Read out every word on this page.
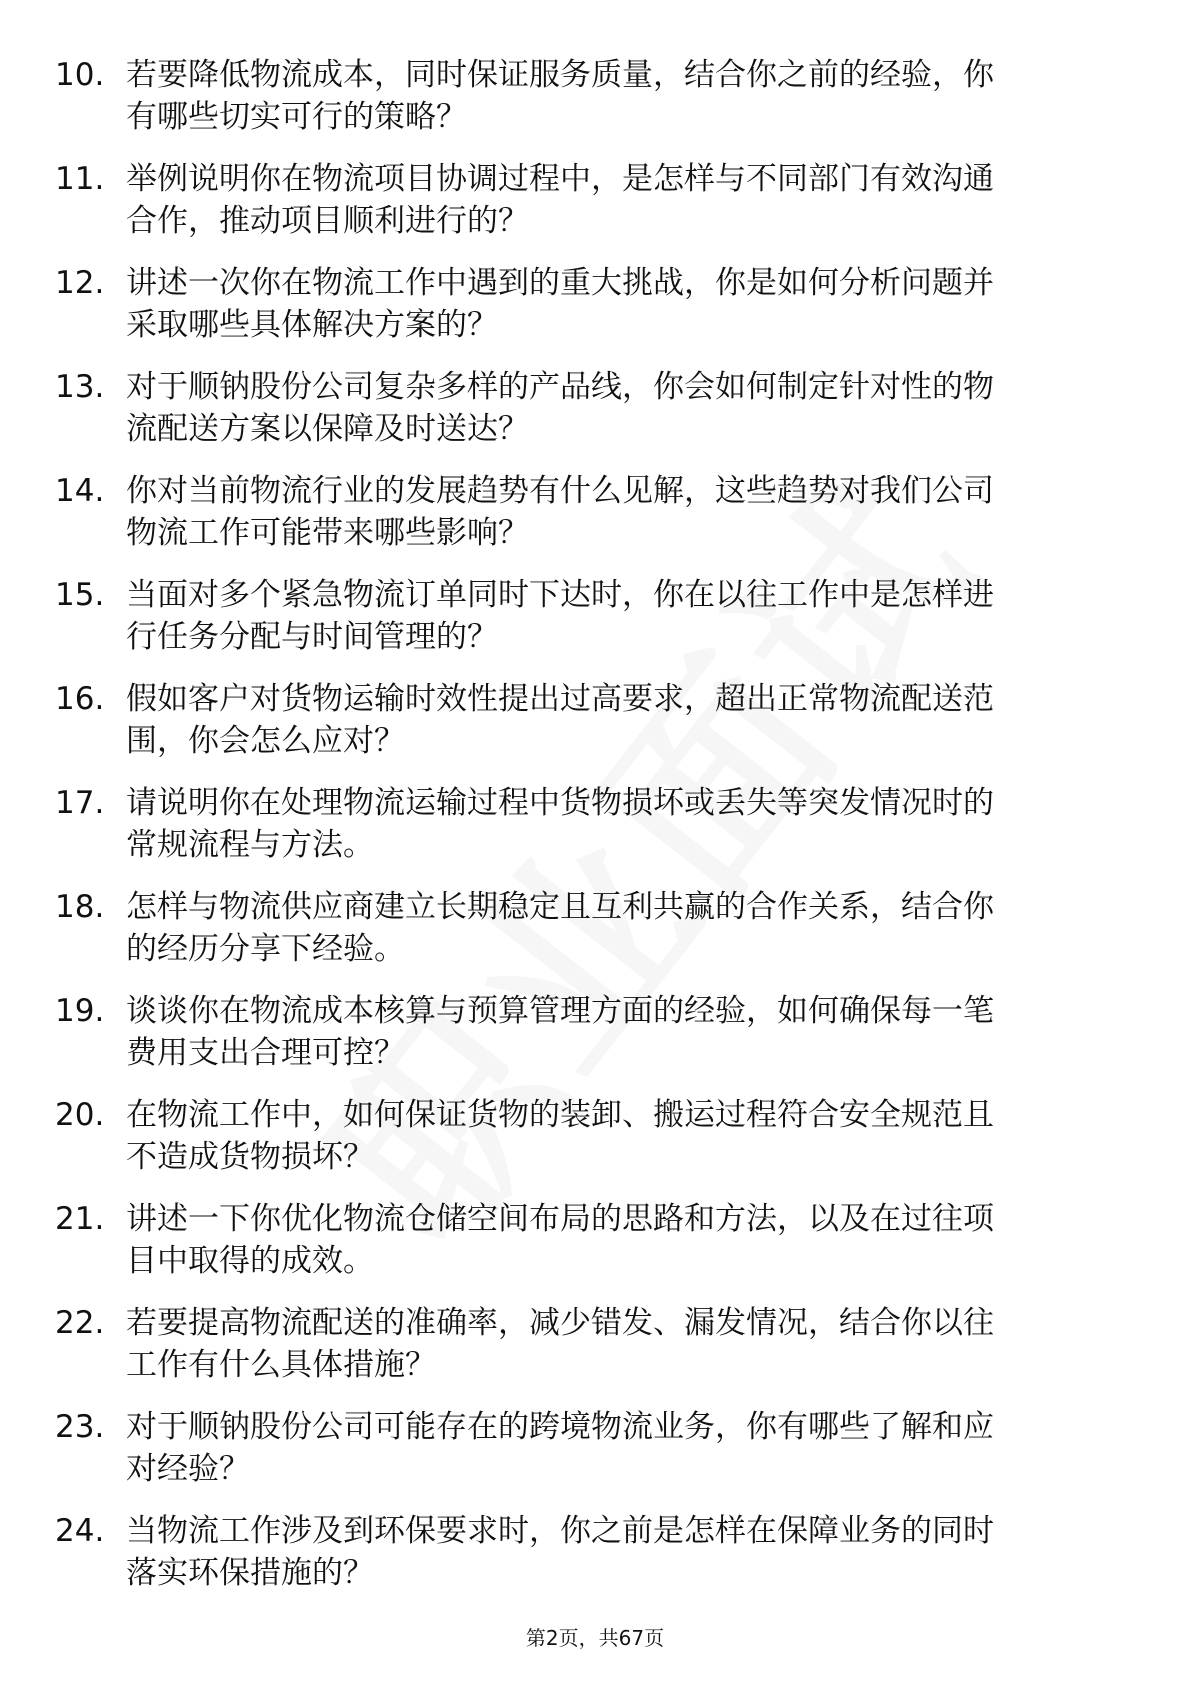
10. 若要降低物流成本，同时保证服务质量，结合你之前的经验，你
有哪些切实可行的策略？
11. 举例说明你在物流项目协调过程中，是怎样与不同部门有效沟通
合作，推动项目顺利进行的？
12. 讲述一次你在物流工作中遇到的重大挑战，你是如何分析问题并
采取哪些具体解决方案的？
13. 对于顺钠股份公司复杂多样的产品线，你会如何制定针对性的物
流配送方案以保障及时送达？
14. 你对当前物流行业的发展趋势有什么见解，这些趋势对我们公司
物流工作可能带来哪些影响？
15. 当面对多个紧急物流订单同时下达时，你在以往工作中是怎样进
行任务分配与时间管理的？
16. 假如客户对货物运输时效性提出过高要求，超出正常物流配送范
围，你会怎么应对？
17. 请说明你在处理物流运输过程中货物损坏或丢失等突发情况时的
常规流程与方法。
18. 怎样与物流供应商建立长期稳定且互利共赢的合作关系，结合你
的经历分享下经验。
19. 谈谈你在物流成本核算与预算管理方面的经验，如何确保每一笔
费用支出合理可控？
20. 在物流工作中，如何保证货物的装卸、搬运过程符合安全规范且
不造成货物损坏？
21. 讲述一下你优化物流仓储空间布局的思路和方法，以及在过往项
目中取得的成效。
22. 若要提高物流配送的准确率，减少错发、漏发情况，结合你以往
工作有什么具体措施？
23. 对于顺钠股份公司可能存在的跨境物流业务，你有哪些了解和应
对经验？
24. 当物流工作涉及到环保要求时，你之前是怎样在保障业务的同时
落实环保措施的？
第2页，共67页
